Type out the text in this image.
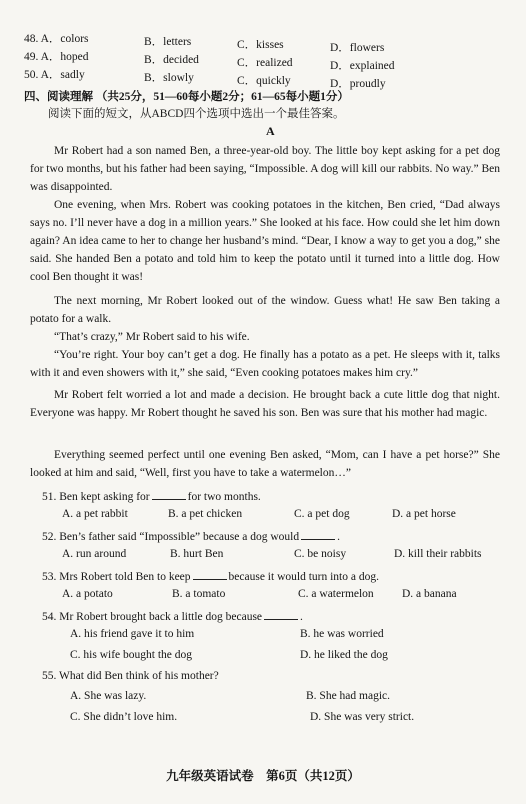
48. A．colors	B．letters	C．kisses	D．flowers
49. A．hoped	B．decided	C．realized	D．explained
50. A．sadly	B．slowly	C．quickly	D．proudly
四、阅读理解 （共25分，51—60每小题2分；61—65每小题1分）
阅读下面的短文，从ABCD四个选项中选出一个最佳答案。
A
Mr Robert had a son named Ben, a three-year-old boy. The little boy kept asking for a pet dog for two months, but his father had been saying, “Impossible. A dog will kill our rabbits. No way.” Ben was disappointed.
One evening, when Mrs. Robert was cooking potatoes in the kitchen, Ben cried, “Dad always says no. I’ll never have a dog in a million years.” She looked at his face. How could she let him down again? An idea came to her to change her husband’s mind. “Dear, I know a way to get you a dog,” she said. She handed Ben a potato and told him to keep the potato until it turned into a little dog. How cool Ben thought it was!
The next morning, Mr Robert looked out of the window. Guess what! He saw Ben taking a potato for a walk.
“That’s crazy,” Mr Robert said to his wife.
“You’re right. Your boy can’t get a dog. He finally has a potato as a pet. He sleeps with it, talks with it and even showers with it,” she said, “Even cooking potatoes makes him cry.”
Mr Robert felt worried a lot and made a decision. He brought back a cute little dog that night. Everyone was happy. Mr Robert thought he saved his son. Ben was sure that his mother had magic.
Everything seemed perfect until one evening Ben asked, “Mom, can I have a pet horse?” She looked at him and said, “Well, first you have to take a watermelon…”
51. Ben kept asking for	for two months.
A. a pet rabbit	B. a pet chicken	C. a pet dog	D. a pet horse
52. Ben’s father said “Impossible” because a dog would	.
A. run around	B. hurt Ben	C. be noisy	D. kill their rabbits
53. Mrs Robert told Ben to keep	because it would turn into a dog.
A. a potato	B. a tomato	C. a watermelon D. a banana
54. Mr Robert brought back a little dog because	.
A. his friend gave it to him	B. he was worried
C. his wife bought the dog	D. he liked the dog
55. What did Ben think of his mother?
A. She was lazy.	B. She had magic.
C. She didn’t love him.	D. She was very strict.
九年级英语试卷　第6页（共12页）
